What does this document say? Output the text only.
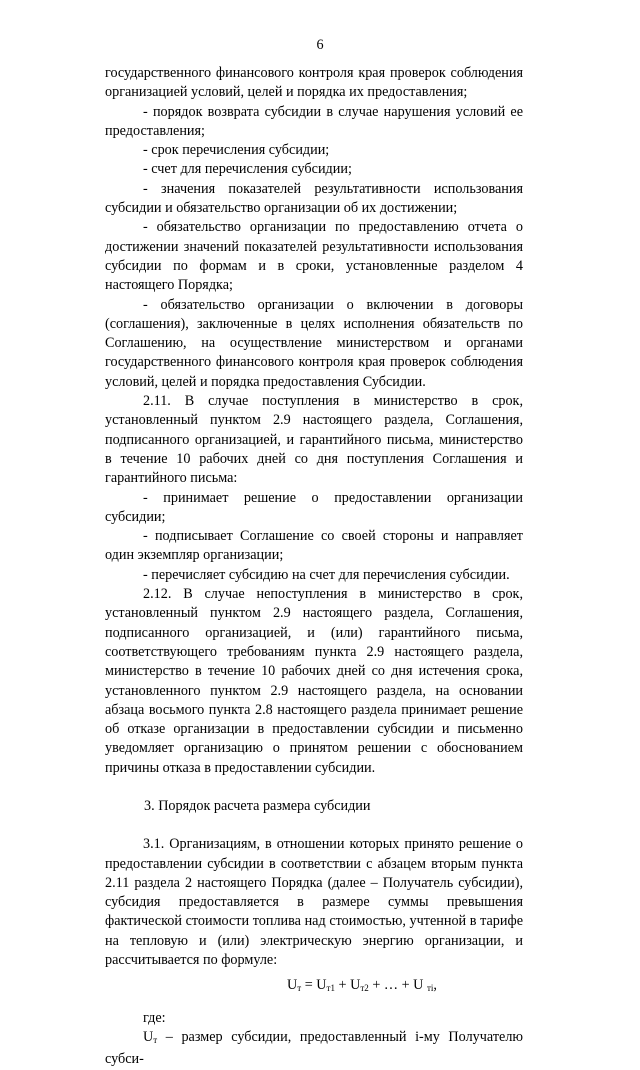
6

государственного финансового контроля края проверок соблюдения организацией условий, целей и порядка их предоставления;

- порядок возврата субсидии в случае нарушения условий ее предоставления;

- срок перечисления субсидии;

- счет для перечисления субсидии;

- значения показателей результативности использования субсидии и обязательство организации об их достижении;

- обязательство организации по предоставлению отчета о достижении значений показателей результативности использования субсидии по формам и в сроки, установленные разделом 4 настоящего Порядка;

- обязательство организации о включении в договоры (соглашения), заключенные в целях исполнения обязательств по Соглашению, на осуществление министерством и органами государственного финансового контроля края проверок соблюдения условий, целей и порядка предоставления Субсидии.

2.11. В случае поступления в министерство в срок, установленный пунктом 2.9 настоящего раздела, Соглашения, подписанного организацией, и гарантийного письма, министерство в течение 10 рабочих дней со дня поступления Соглашения и гарантийного письма:

- принимает решение о предоставлении организации субсидии;

- подписывает Соглашение со своей стороны и направляет один экземпляр организации;

- перечисляет субсидию на счет для перечисления субсидии.

2.12. В случае непоступления в министерство в срок, установленный пунктом 2.9 настоящего раздела, Соглашения, подписанного организацией, и (или) гарантийного письма, соответствующего требованиям пункта 2.9 настоящего раздела, министерство в течение 10 рабочих дней со дня истечения срока, установленного пунктом 2.9 настоящего раздела, на основании абзаца восьмого пункта 2.8 настоящего раздела принимает решение об отказе организации в предоставлении субсидии и письменно уведомляет организацию о принятом решении с обоснованием причины отказа в предоставлении субсидии.

3. Порядок расчета размера субсидии

3.1. Организациям, в отношении которых принято решение о предоставлении субсидии в соответствии с абзацем вторым пункта 2.11 раздела 2 настоящего Порядка (далее – Получатель субсидии), субсидия предоставляется в размере суммы превышения фактической стоимости топлива над стоимостью, учтенной в тарифе на тепловую и (или) электрическую энергию организации, и рассчитывается по формуле:

$U_т = U_{т1} + U_{т2}$ + … + U $_{тi}$,

где:

$U_т$ – размер субсидии, предоставленный i-му Получателю субси-
